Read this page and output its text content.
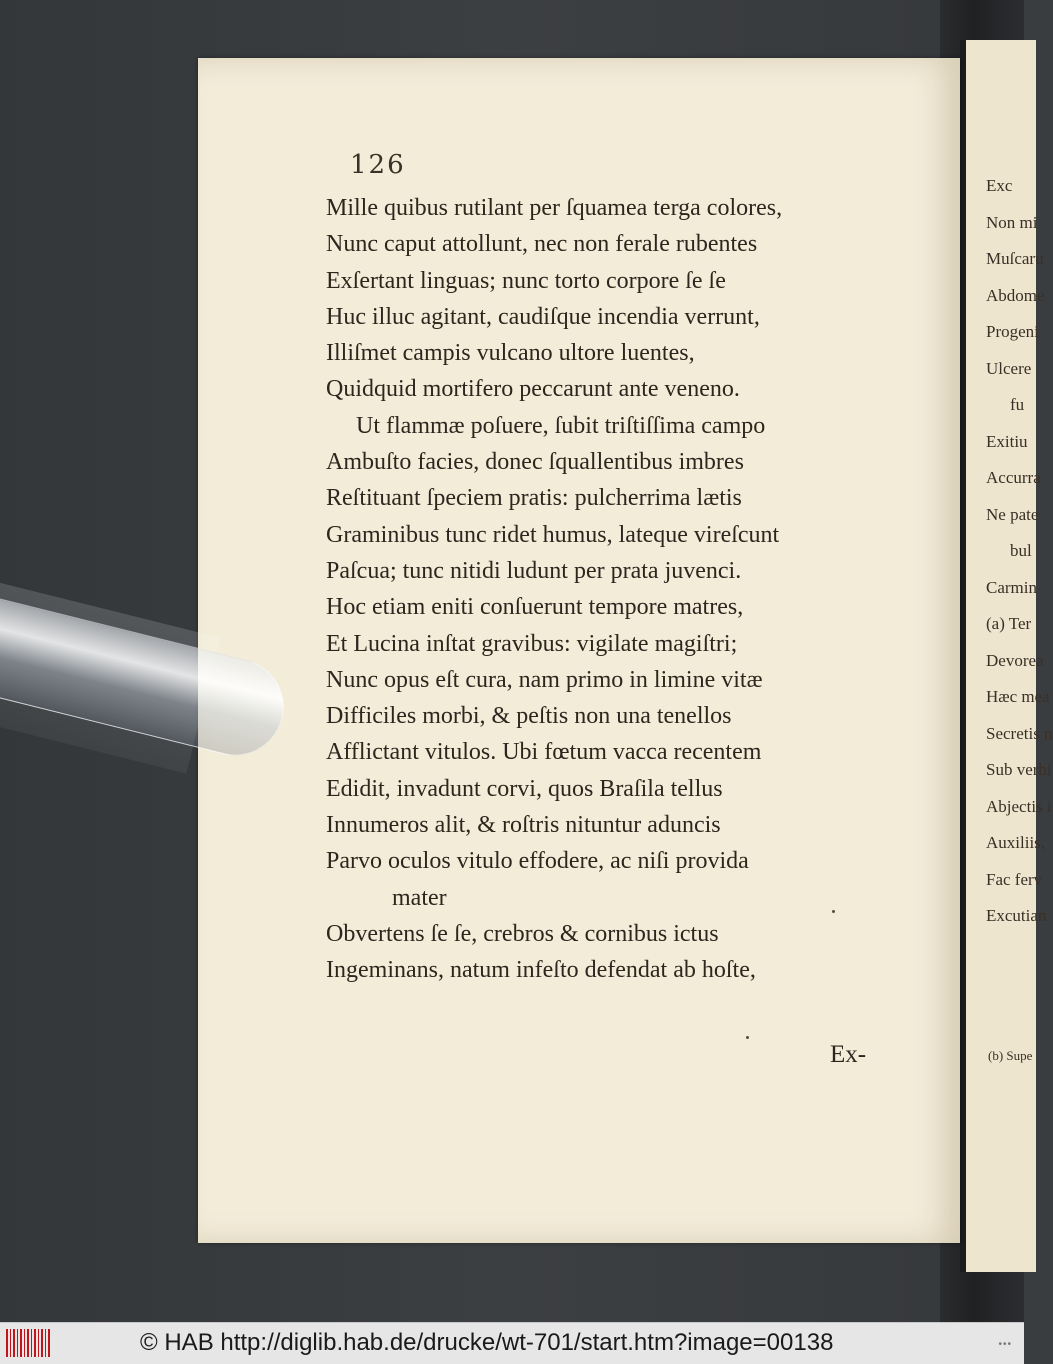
Exc
Non mi
Muſcaru
Abdome
Progeni
Ulcere
fu
Exitiu
Accurra
Ne pate
bul
Carmin
(a) Ter
Devorea
Hæc mea
Secretis n
Sub verbi
Abjectis i
Auxiliis,
Fac ferv
Excutian
(b) Supe
126
Mille quibus rutilant per ſquamea terga colores,
Nunc caput attollunt, nec non ferale rubentes
Exſertant linguas; nunc torto corpore ſe ſe
Huc illuc agitant, caudiſque incendia verrunt,
Illiſmet campis vulcano ultore luentes,
Quidquid mortifero peccarunt ante veneno.
Ut flammæ poſuere, ſubit triſtiſſima campo
Ambuſto facies, donec ſquallentibus imbres
Reſtituant ſpeciem pratis: pulcherrima lætis
Graminibus tunc ridet humus, lateque vireſcunt
Paſcua; tunc nitidi ludunt per prata juvenci.
Hoc etiam eniti conſuerunt tempore matres,
Et Lucina inſtat gravibus: vigilate magiſtri;
Nunc opus eſt cura, nam primo in limine vitæ
Difficiles morbi, & peſtis non una tenellos
Afflictant vitulos. Ubi fœtum vacca recentem
Edidit, invadunt corvi, quos Braſila tellus
Innumeros alit, & roſtris nituntur aduncis
Parvo oculos vitulo effodere, ac niſi provida
mater
Obvertens ſe ſe, crebros & cornibus ictus
Ingeminans, natum infeſto defendat ab hoſte,
Ex-
© HAB http://diglib.hab.de/drucke/wt-701/start.htm?image=00138	•••
